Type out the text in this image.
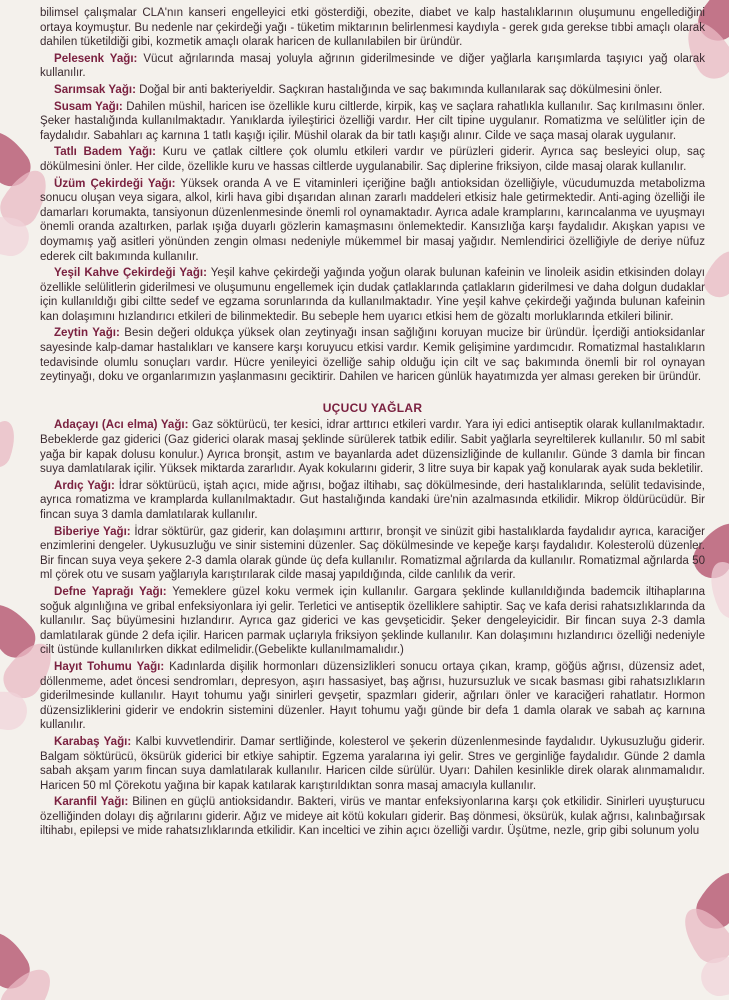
bilimsel çalışmalar CLA'nın kanseri engelleyici etki gösterdiği, obezite, diabet ve kalp hastalıklarının oluşumunu engellediğini ortaya koymuştur. Bu nedenle nar çekirdeği yağı - tüketim miktarının belirlenmesi kaydıyla - gerek gıda gerekse tıbbi amaçlı olarak dahilen tüketildiği gibi, kozmetik amaçlı olarak haricen de kullanılabilen bir üründür.

Pelesenk Yağı: Vücut ağrılarında masaj yoluyla ağrının giderilmesinde ve diğer yağlarla karışımlarda taşıyıcı yağ olarak kullanılır.

Sarımsak Yağı: Doğal bir anti bakteriyeldir. Saçkıran hastalığında ve saç bakımında kullanılarak saç dökülmesini önler.

Susam Yağı: Dahilen müshil, haricen ise özellikle kuru ciltlerde, kirpik, kaş ve saçlara rahatlıkla kullanılır. Saç kırılmasını önler. Şeker hastalığında kullanılmaktadır. Yanıklarda iyileştirici özelliği vardır. Her cilt tipine uygulanır. Romatizma ve selülitler için de faydalıdır. Sabahları aç karnına 1 tatlı kaşığı içilir. Müshil olarak da bir tatlı kaşığı alınır. Cilde ve saça masaj olarak uygulanır.

Tatlı Badem Yağı: Kuru ve çatlak ciltlere çok olumlu etkileri vardır ve pürüzleri giderir. Ayrıca saç besleyici olup, saç dökülmesini önler. Her cilde, özellikle kuru ve hassas ciltlerde uygulanabilir. Saç diplerine friksiyon, cilde masaj olarak kullanılır.

Üzüm Çekirdeği Yağı: Yüksek oranda A ve E vitaminleri içeriğine bağlı antioksidan özelliğiyle, vücudumuzda metabolizma sonucu oluşan veya sigara, alkol, kirli hava gibi dışarıdan alınan zararlı maddeleri etkisiz hale getirmektedir. Anti-aging özelliği ile damarları korumakta, tansiyonun düzenlenmesinde önemli rol oynamaktadır. Ayrıca adale kramplarını, karıncalanma ve uyuşmayı önemli oranda azaltırken, parlak ışığa duyarlı gözlerin kamaşmasını önlemektedir. Kansızlığa karşı faydalıdır. Akışkan yapısı ve doymamış yağ asitleri yönünden zengin olması nedeniyle mükemmel bir masaj yağıdır. Nemlendirici özelliğiyle de deriye nüfuz ederek cilt bakımında kullanılır.

Yeşil Kahve Çekirdeği Yağı: Yeşil kahve çekirdeği yağında yoğun olarak bulunan kafeinin ve linoleik asidin etkisinden dolayı özellikle selülitlerin giderilmesi ve oluşumunu engellemek için dudak çatlaklarında çatlakların giderilmesi ve daha dolgun dudaklar için kullanıldığı gibi ciltte sedef ve egzama sorunlarında da kullanılmaktadır. Yine yeşil kahve çekirdeği yağında bulunan kafeinin kan dolaşımını hızlandırıcı etkileri de bilinmektedir. Bu sebeple hem uyarıcı etkisi hem de gözaltı morluklarında etkileri bilinir.

Zeytin Yağı: Besin değeri oldukça yüksek olan zeytinyağı insan sağlığını koruyan mucize bir üründür. İçerdiği antioksidanlar sayesinde kalp-damar hastalıkları ve kansere karşı koruyucu etkisi vardır. Kemik gelişimine yardımcıdır. Romatizmal hastalıkların tedavisinde olumlu sonuçları vardır. Hücre yenileyici özelliğe sahip olduğu için cilt ve saç bakımında önemli bir rol oynayan zeytinyağı, doku ve organlarımızın yaşlanmasını geciktirir. Dahilen ve haricen günlük hayatımızda yer alması gereken bir üründür.

UÇUCU YAĞLAR

Adaçayı (Acı elma) Yağı: Gaz söktürücü, ter kesici, idrar arttırıcı etkileri vardır. Yara iyi edici antiseptik olarak kullanılmaktadır. Bebeklerde gaz giderici (Gaz giderici olarak masaj şeklinde sürülerek tatbik edilir. Sabit yağlarla seyreltilerek kullanılır. 50 ml sabit yağa bir kapak dolusu konulur.) Ayrıca bronşit, astım ve bayanlarda adet düzensizliğinde de kullanılır. Günde 3 damla bir fincan suya damlatılarak içilir. Yüksek miktarda zararlıdır. Ayak kokularını giderir, 3 litre suya bir kapak yağ konularak ayak suda bekletilir.

Ardıç Yağı: İdrar söktürücü, iştah açıcı, mide ağrısı, boğaz iltihabı, saç dökülmesinde, deri hastalıklarında, selülit tedavisinde, ayrıca romatizma ve kramplarda kullanılmaktadır. Gut hastalığında kandaki üre'nin azalmasında etkilidir. Mikrop öldürücüdür. Bir fincan suya 3 damla damlatılarak kullanılır.

Biberiye Yağı: İdrar söktürür, gaz giderir, kan dolaşımını arttırır, bronşit ve sinüzit gibi hastalıklarda faydalıdır ayrıca, karaciğer enzimlerini dengeler. Uykusuzluğu ve sinir sistemini düzenler. Saç dökülmesinde ve kepeğe karşı faydalıdır. Kolesterolü düzenler. Bir fincan suya veya şekere 2-3 damla olarak günde üç defa kullanılır. Romatizmal ağrılarda da kullanılır. Romatizmal ağrılarda 50 ml çörek otu ve susam yağlarıyla karıştırılarak cilde masaj yapıldığında, cilde canlılık da verir.

Defne Yaprağı Yağı: Yemeklere güzel koku vermek için kullanılır. Gargara şeklinde kullanıldığında bademcik iltihaplarına soğuk algınlığına ve gribal enfeksiyonlara iyi gelir. Terletici ve antiseptik özelliklere sahiptir. Saç ve kafa derisi rahatsızlıklarında da kullanılır. Saç büyümesini hızlandırır. Ayrıca gaz giderici ve kas gevşeticidir. Şeker dengeleyicidir. Bir fincan suya 2-3 damla damlatılarak günde 2 defa içilir. Haricen parmak uçlarıyla friksiyon şeklinde kullanılır. Kan dolaşımını hızlandırıcı özelliği nedeniyle cilt üstünde kullanılırken dikkat edilmelidir.(Gebelikte kullanılmamalıdır.)

Hayıt Tohumu Yağı: Kadınlarda dişilik hormonları düzensizlikleri sonucu ortaya çıkan, kramp, göğüs ağrısı, düzensiz adet, döllenmeme, adet öncesi sendromları, depresyon, aşırı hassasiyet, baş ağrısı, huzursuzluk ve sıcak basması gibi rahatsızlıkların giderilmesinde kullanılır. Hayıt tohumu yağı sinirleri gevşetir, spazmları giderir, ağrıları önler ve karaciğeri rahatlatır. Hormon düzensizliklerini giderir ve endokrin sistemini düzenler. Hayıt tohumu yağı günde bir defa 1 damla olarak ve sabah aç karnına kullanılır.

Karabaş Yağı: Kalbi kuvvetlendirir. Damar sertliğinde, kolesterol ve şekerin düzenlenmesinde faydalıdır. Uykusuzluğu giderir. Balgam söktürücü, öksürük giderici bir etkiye sahiptir. Egzema yaralarına iyi gelir. Stres ve gerginliğe faydalıdır. Günde 2 damla sabah akşam yarım fincan suya damlatılarak kullanılır. Haricen cilde sürülür. Uyarı: Dahilen kesinlikle direk olarak alınmamalıdır. Haricen 50 ml Çörekotu yağına bir kapak katılarak karıştırıldıktan sonra masaj amacıyla kullanılır.

Karanfil Yağı: Bilinen en güçlü antioksidandır. Bakteri, virüs ve mantar enfeksiyonlarına karşı çok etkilidir. Sinirleri uyuşturucu özelliğinden dolayı diş ağrılarını giderir. Ağız ve mideye ait kötü kokuları giderir. Baş dönmesi, öksürük, kulak ağrısı, kalınbağırsak iltihabı, epilepsi ve mide rahatsızlıklarında etkilidir. Kan inceltici ve zihin açıcı özelliği vardır. Üşütme, nezle, grip gibi solunum yolu
